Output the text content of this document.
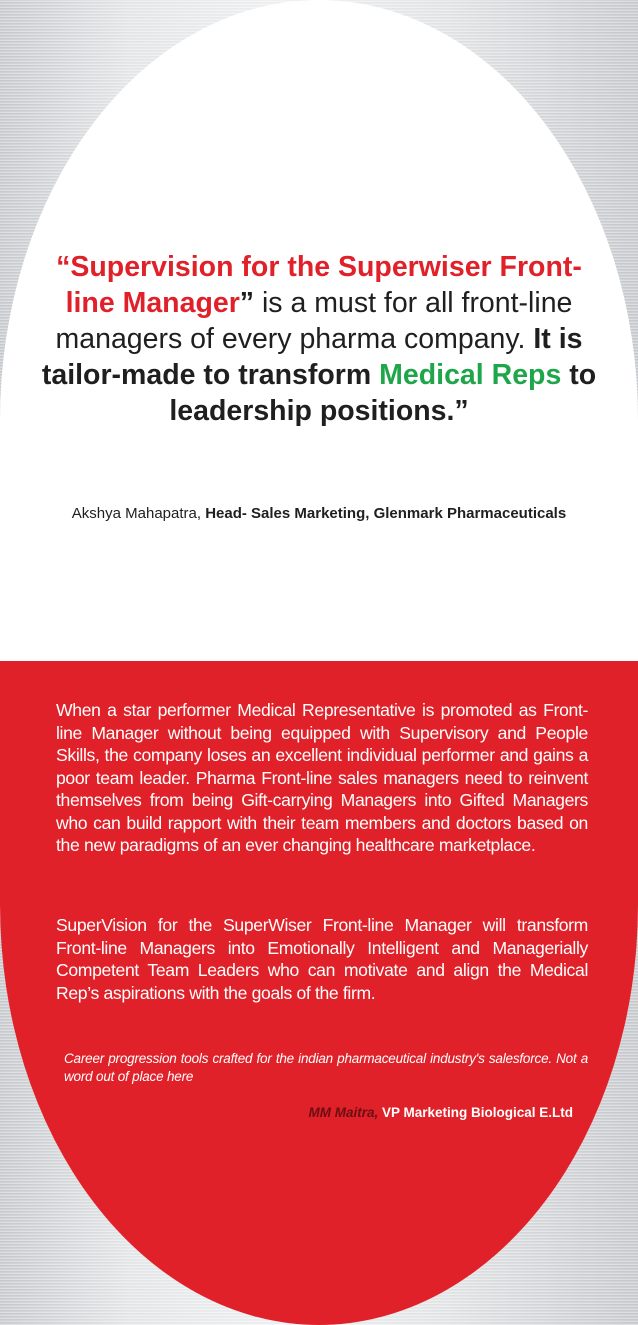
“Supervision for the Superwiser Front-line Manager” is a must for all front-line managers of every pharma company. It is tailor-made to transform Medical Reps to leadership positions.”

Akshya Mahapatra, Head- Sales Marketing, Glenmark Pharmaceuticals

When a star performer Medical Representative is promoted as Front-line Manager without being equipped with Supervisory and People Skills, the company loses an excellent individual performer and gains a poor team leader. Pharma Front-line sales managers need to reinvent themselves from being Gift-carrying Managers into Gifted Managers who can build rapport with their team members and doctors based on the new paradigms of an ever changing healthcare marketplace.

SuperVision for the SuperWiser Front-line Manager will transform Front-line Managers into Emotionally Intelligent and Managerially Competent Team Leaders who can motivate and align the Medical Rep’s aspirations with the goals of the firm.

Career progression tools crafted for the indian pharmaceutical industry's salesforce. Not a word out of place here

MM Maitra, VP Marketing Biological E.Ltd
